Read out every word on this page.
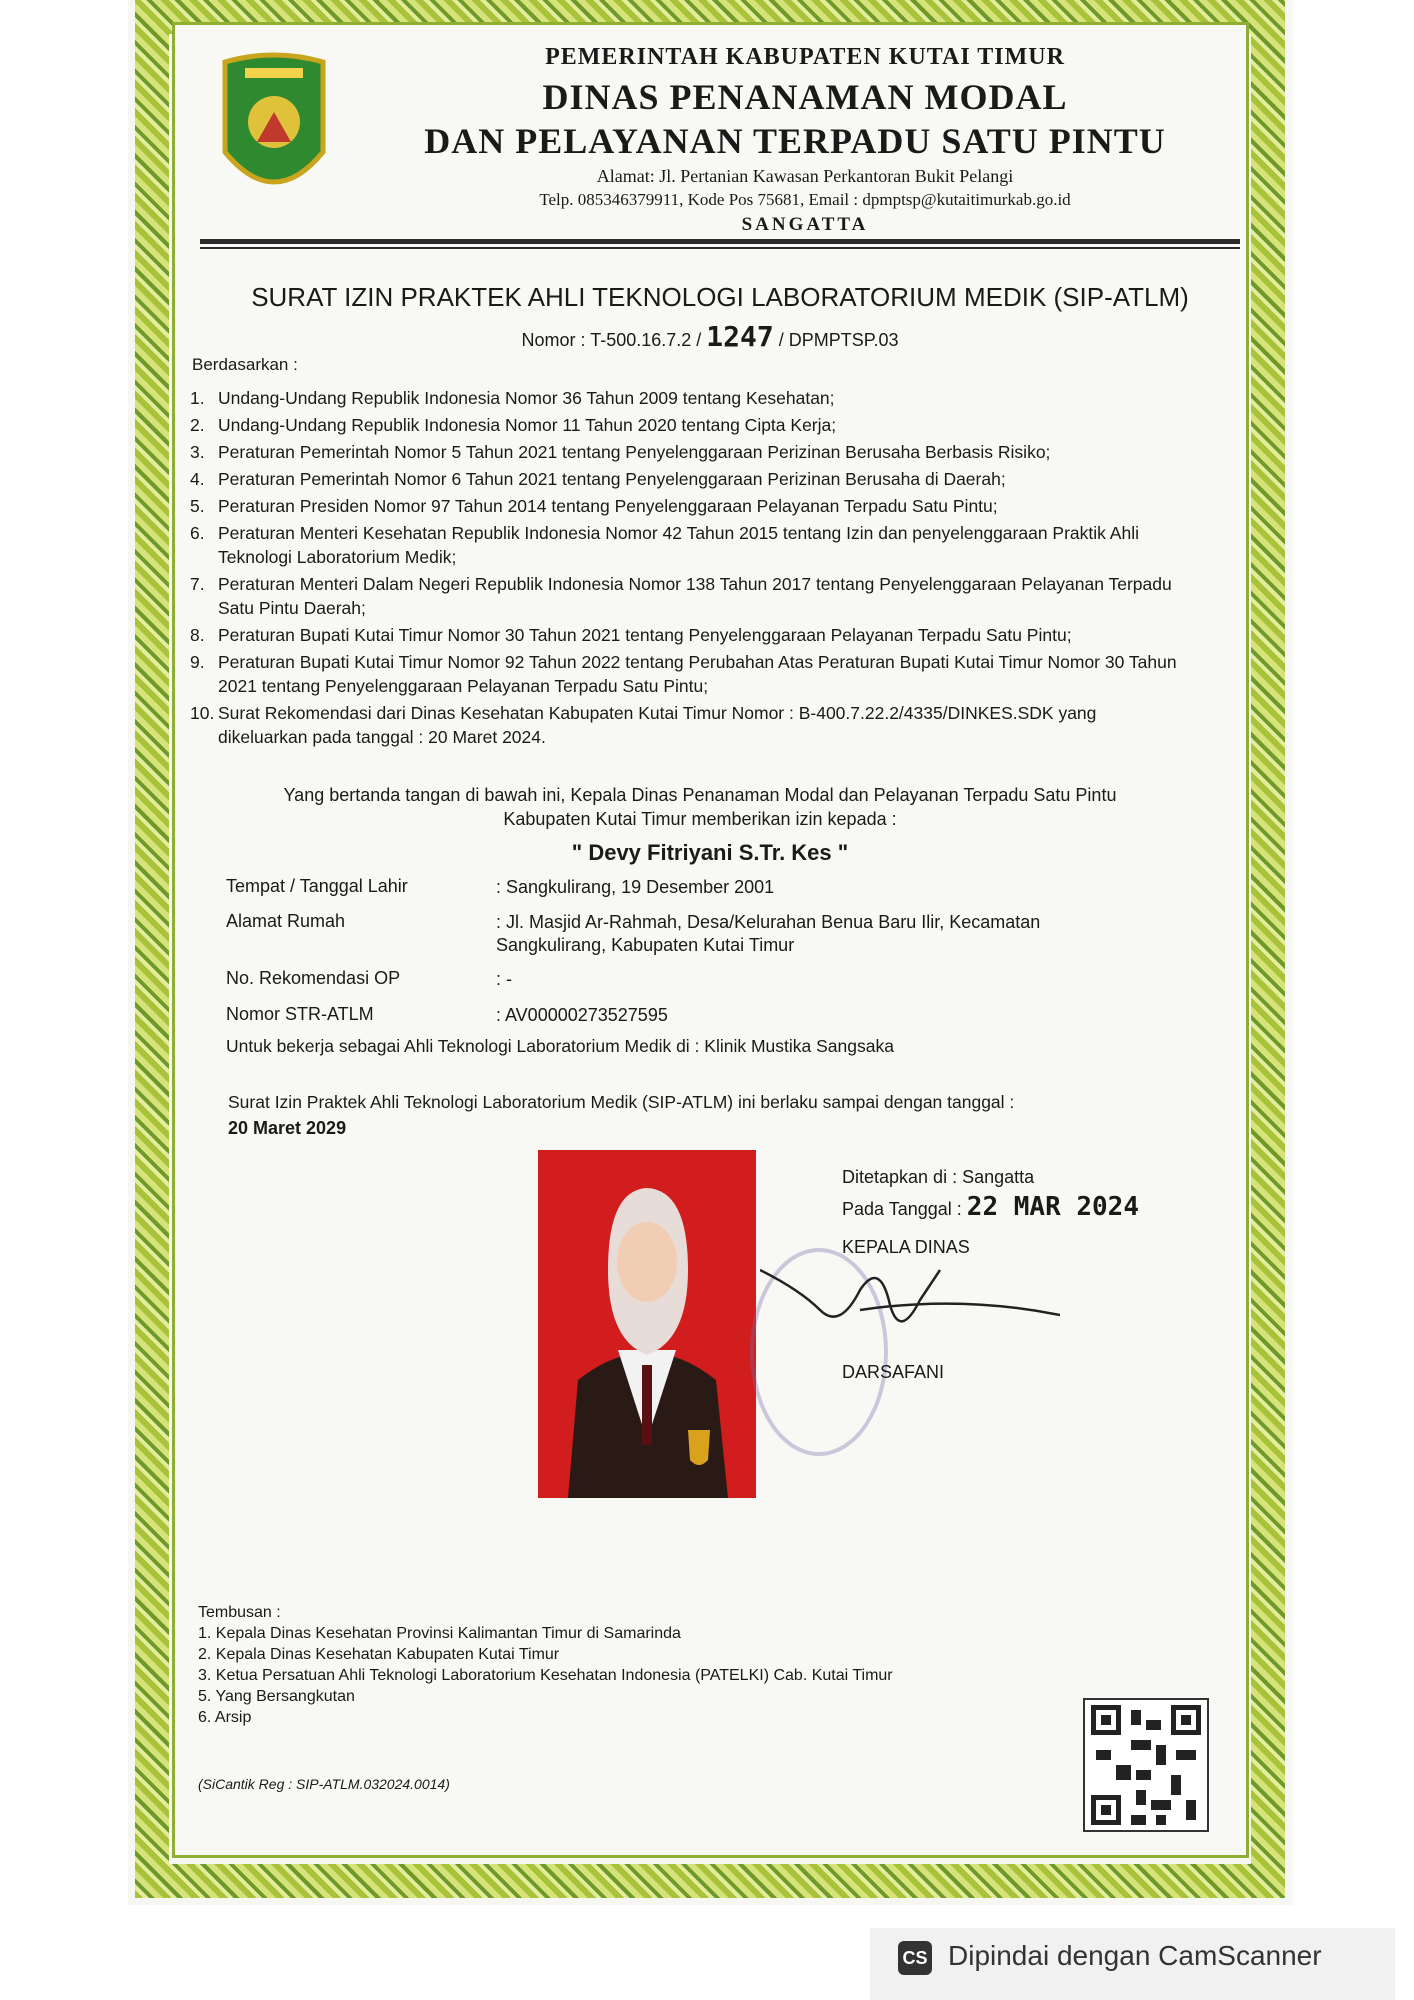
PEMERINTAH KABUPATEN KUTAI TIMUR
DINAS PENANAMAN MODAL
DAN PELAYANAN TERPADU SATU PINTU
Alamat: Jl. Pertanian Kawasan Perkantoran Bukit Pelangi
Telp. 085346379911, Kode Pos 75681, Email : dpmptsp@kutaitimurkab.go.id
SANGATTA
SURAT IZIN PRAKTEK AHLI TEKNOLOGI LABORATORIUM MEDIK (SIP-ATLM)
Nomor : T-500.16.7.2 / 1247 / DPMPTSP.03
Berdasarkan :
1. Undang-Undang Republik Indonesia Nomor 36 Tahun 2009 tentang Kesehatan;
2. Undang-Undang Republik Indonesia Nomor 11 Tahun 2020 tentang Cipta Kerja;
3. Peraturan Pemerintah Nomor 5 Tahun 2021 tentang Penyelenggaraan Perizinan Berusaha Berbasis Risiko;
4. Peraturan Pemerintah Nomor 6 Tahun 2021 tentang Penyelenggaraan Perizinan Berusaha di Daerah;
5. Peraturan Presiden Nomor 97 Tahun 2014 tentang Penyelenggaraan Pelayanan Terpadu Satu Pintu;
6. Peraturan Menteri Kesehatan Republik Indonesia Nomor 42 Tahun 2015 tentang Izin dan penyelenggaraan Praktik Ahli Teknologi Laboratorium Medik;
7. Peraturan Menteri Dalam Negeri Republik Indonesia Nomor 138 Tahun 2017 tentang Penyelenggaraan Pelayanan Terpadu Satu Pintu Daerah;
8. Peraturan Bupati Kutai Timur Nomor 30 Tahun 2021 tentang Penyelenggaraan Pelayanan Terpadu Satu Pintu;
9. Peraturan Bupati Kutai Timur Nomor 92 Tahun 2022 tentang Perubahan Atas Peraturan Bupati Kutai Timur Nomor 30 Tahun 2021 tentang Penyelenggaraan Pelayanan Terpadu Satu Pintu;
10. Surat Rekomendasi dari Dinas Kesehatan Kabupaten Kutai Timur Nomor : B-400.7.22.2/4335/DINKES.SDK yang dikeluarkan pada tanggal : 20 Maret 2024.
Yang bertanda tangan di bawah ini, Kepala Dinas Penanaman Modal dan Pelayanan Terpadu Satu Pintu Kabupaten Kutai Timur memberikan izin kepada :
" Devy Fitriyani S.Tr. Kes "
Tempat / Tanggal Lahir	: Sangkulirang, 19 Desember 2001
Alamat Rumah	: Jl. Masjid Ar-Rahmah, Desa/Kelurahan Benua Baru Ilir, Kecamatan Sangkulirang, Kabupaten Kutai Timur
No. Rekomendasi OP	: -
Nomor STR-ATLM	: AV00000273527595
Untuk bekerja sebagai Ahli Teknologi Laboratorium Medik di : Klinik Mustika Sangsaka
Surat Izin Praktek Ahli Teknologi Laboratorium Medik (SIP-ATLM) ini berlaku sampai dengan tanggal :
20 Maret 2029
Ditetapkan di : Sangatta
Pada Tanggal : 22 MAR 2024
KEPALA DINAS
DARSAFANI
Tembusan :
1. Kepala Dinas Kesehatan Provinsi Kalimantan Timur di Samarinda
2. Kepala Dinas Kesehatan Kabupaten Kutai Timur
3. Ketua Persatuan Ahli Teknologi Laboratorium Kesehatan Indonesia (PATELKI) Cab. Kutai Timur
5. Yang Bersangkutan
6. Arsip
(SiCantik Reg : SIP-ATLM.032024.0014)
CS Dipindai dengan CamScanner
